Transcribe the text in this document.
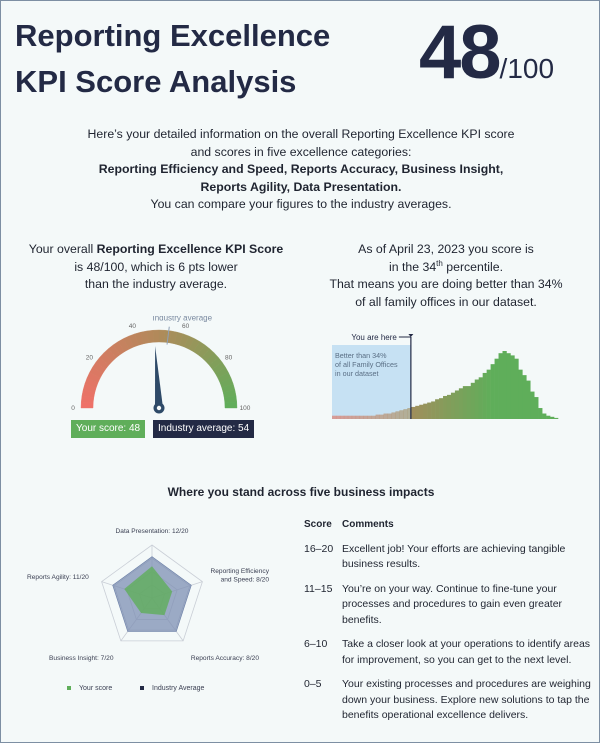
Reporting Excellence
KPI Score Analysis	48/100
Here’s your detailed information on the overall Reporting Excellence KPI score
and scores in five excellence categories:
Reporting Efficiency and Speed, Reports Accuracy, Business Insight,
Reports Agility, Data Presentation.
You can compare your figures to the industry averages.
Your overall Reporting Excellence KPI Score
is 48/100, which is 6 pts lower
than the industry average.
As of April 23, 2023 you score is
in the 34th percentile.
That means you are doing better than 34%
of all family offices in our dataset.
0
20
40	60
80
100
Industry average
Your score: 48	Industry average: 54
You are here
Better than 34%
of all Family Offices
in our dataset
Where you stand across five business impacts
Data Presentation: 12/20
Reporting Efficiency and Speed: 8/20
Reports Accuracy: 8/20
Business Insight: 7/20
Reports Agility: 11/20
Your score	Industry Average
Score	Comments
16–20 Excellent job! Your efforts are achieving tangible business results.
11–15 You’re on your way. Continue to fine-tune your processes and procedures to gain even greater benefits.
6–10	Take a closer look at your operations to identify areas for improvement, so you can get to the next level.
0–5	Your existing processes and procedures are weighing down your business. Explore new solutions to tap the benefits operational excellence delivers.
